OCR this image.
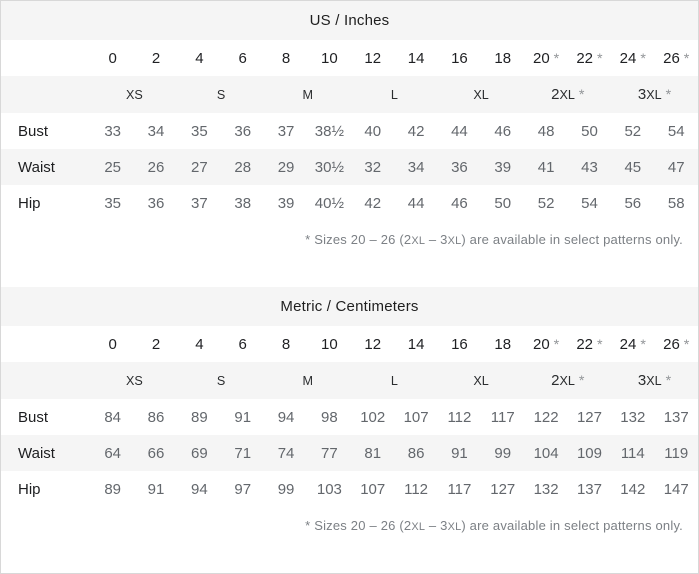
US / Inches														
	0	2	4	6	8	10	12	14	16	18	20 *	22 *	24 *	26 *
	XS		S		M		L		XL		2XL *		3XL *	
Bust	33	34	35	36	37	38½	40	42	44	46	48	50	52	54
Waist	25	26	27	28	29	30½	32	34	36	39	41	43	45	47
Hip	35	36	37	38	39	40½	42	44	46	50	52	54	56	58
* Sizes 20 – 26 (2XL – 3XL) are available in select patterns only.														
Metric / Centimeters														
	0	2	4	6	8	10	12	14	16	18	20 *	22 *	24 *	26 *
	XS		S		M		L		XL		2XL *		3XL *	
Bust	84	86	89	91	94	98	102	107	112	117	122	127	132	137
Waist	64	66	69	71	74	77	81	86	91	99	104	109	114	119
Hip	89	91	94	97	99	103	107	112	117	127	132	137	142	147
* Sizes 20 – 26 (2XL – 3XL) are available in select patterns only.														
